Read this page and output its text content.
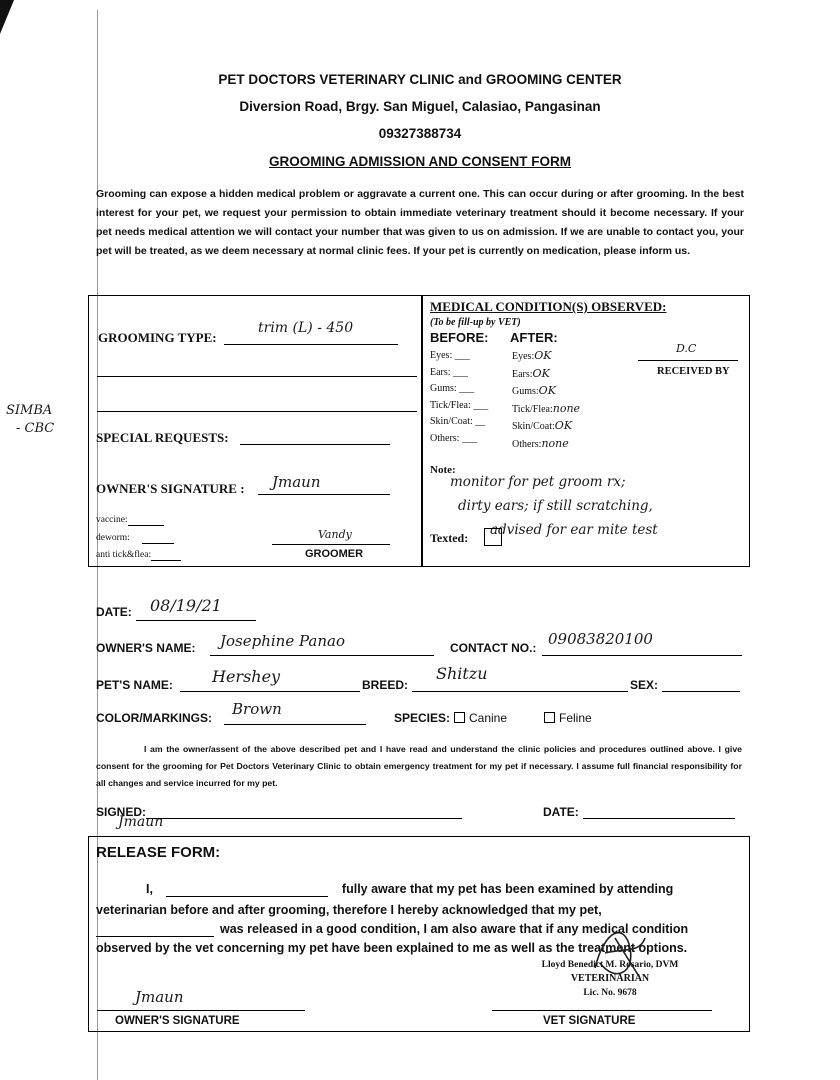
PET DOCTORS VETERINARY CLINIC and GROOMING CENTER
Diversion Road, Brgy. San Miguel, Calasiao, Pangasinan
09327388734
GROOMING ADMISSION AND CONSENT FORM
Grooming can expose a hidden medical problem or aggravate a current one. This can occur during or after grooming. In the best interest for your pet, we request your permission to obtain immediate veterinary treatment should it become necessary. If your pet needs medical attention we will contact your number that was given to us on admission. If we are unable to contact you, your pet will be treated, as we deem necessary at normal clinic fees. If your pet is currently on medication, please inform us.
SIMBA
- CBC
GROOMING TYPE:
trim (L) - 450
SPECIAL REQUESTS:
OWNER'S SIGNATURE : Jmaun
vaccine:
deworm:
anti tick&flea:
Vandy
GROOMER
MEDICAL CONDITION(S) OBSERVED:
(To be fill-up by VET)
BEFORE: AFTER:
Eyes: ___
Ears: ___
Gums: ___
Tick/Flea: ___
Skin/Coat: __
Others: ___
Eyes:OK
Ears:OK
Gums:OK
Tick/Flea:none
Skin/Coat:OK
Others:none
D.C
RECEIVED BY
Note:
monitor for pet groom rx;
dirty ears; if still scratching,
advised for ear mite test
Texted:
DATE: 08/19/21
OWNER'S NAME: Josephine Panao	CONTACT NO.: 09083820100
PET'S NAME: Hershey	BREED:
Shitzu
SEX:
COLOR/MARKINGS: Brown	SPECIES:	Canine	Feline
I am the owner/assent of the above described pet and I have read and understand the clinic policies and procedures outlined above. I give consent for the grooming for Pet Doctors Veterinary Clinic to obtain emergency treatment for my pet if necessary. I assume full financial responsibility for all changes and service incurred for my pet.
SIGNED:
Jmaun
DATE:
RELEASE FORM:
I,	fully aware that my pet has been examined by attending
veterinarian before and after grooming, therefore I hereby acknowledged that my pet,
was released in a good condition, I am also aware that if any medical condition
observed by the vet concerning my pet have been explained to me as well as the treatment options.
Lloyd Benedict M. Rosario, DVM
VETERINARIAN
Lic. No. 9678
Jmaun
OWNER'S SIGNATURE	VET SIGNATURE
